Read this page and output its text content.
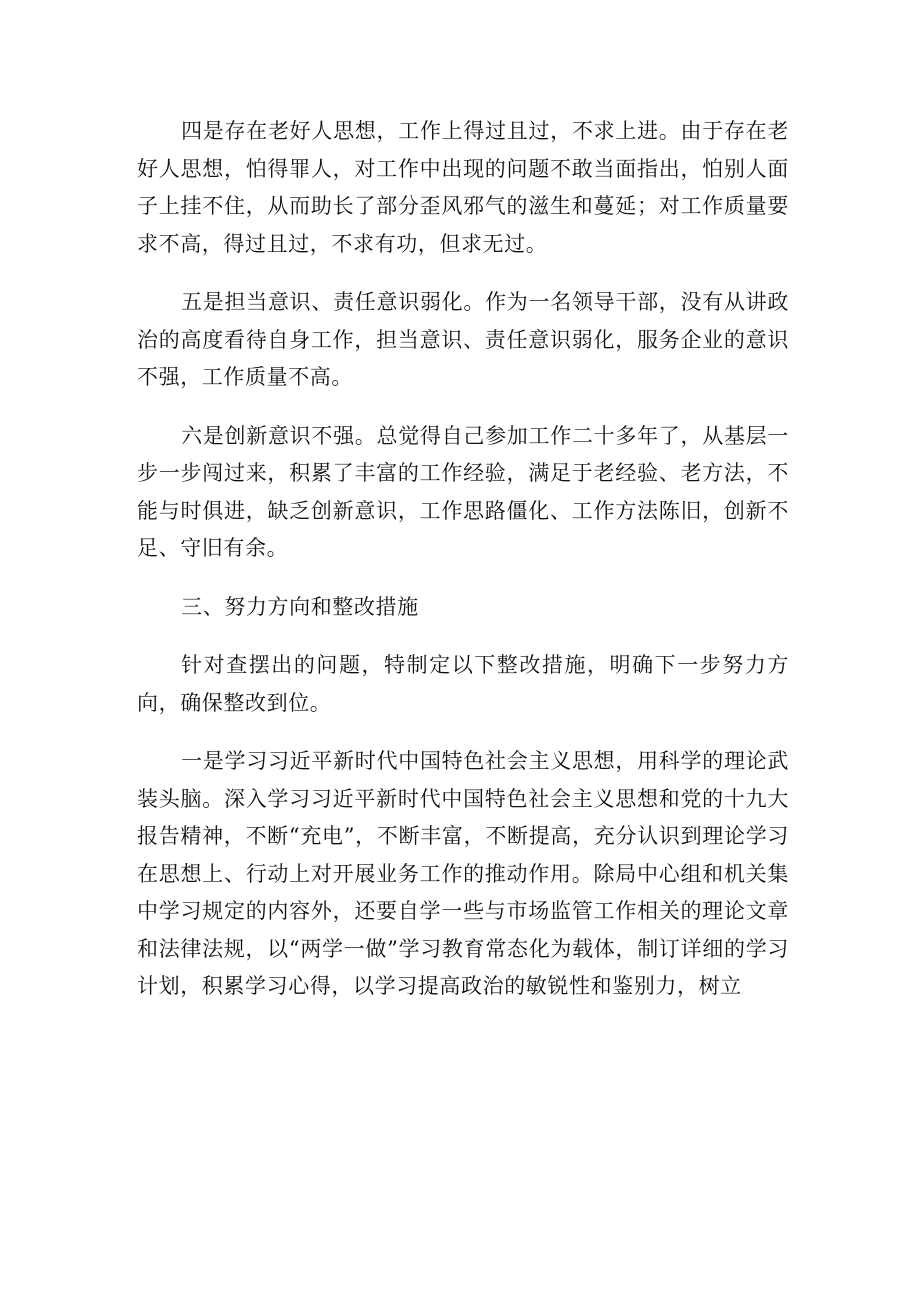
四是存在老好人思想，工作上得过且过，不求上进。由于存在老好人思想，怕得罪人，对工作中出现的问题不敢当面指出，怕别人面子上挂不住，从而助长了部分歪风邪气的滋生和蔓延；对工作质量要求不高，得过且过，不求有功，但求无过。

五是担当意识、责任意识弱化。作为一名领导干部，没有从讲政治的高度看待自身工作，担当意识、责任意识弱化，服务企业的意识不强，工作质量不高。

六是创新意识不强。总觉得自己参加工作二十多年了，从基层一步一步闯过来，积累了丰富的工作经验，满足于老经验、老方法，不能与时俱进，缺乏创新意识，工作思路僵化、工作方法陈旧，创新不足、守旧有余。

三、努力方向和整改措施

针对查摆出的问题，特制定以下整改措施，明确下一步努力方向，确保整改到位。

一是学习习近平新时代中国特色社会主义思想，用科学的理论武装头脑。深入学习习近平新时代中国特色社会主义思想和党的十九大报告精神，不断“充电”，不断丰富，不断提高，充分认识到理论学习在思想上、行动上对开展业务工作的推动作用。除局中心组和机关集中学习规定的内容外，还要自学一些与市场监管工作相关的理论文章和法律法规，以“两学一做”学习教育常态化为载体，制订详细的学习计划，积累学习心得，以学习提高政治的敏锐性和鉴别力，树立
